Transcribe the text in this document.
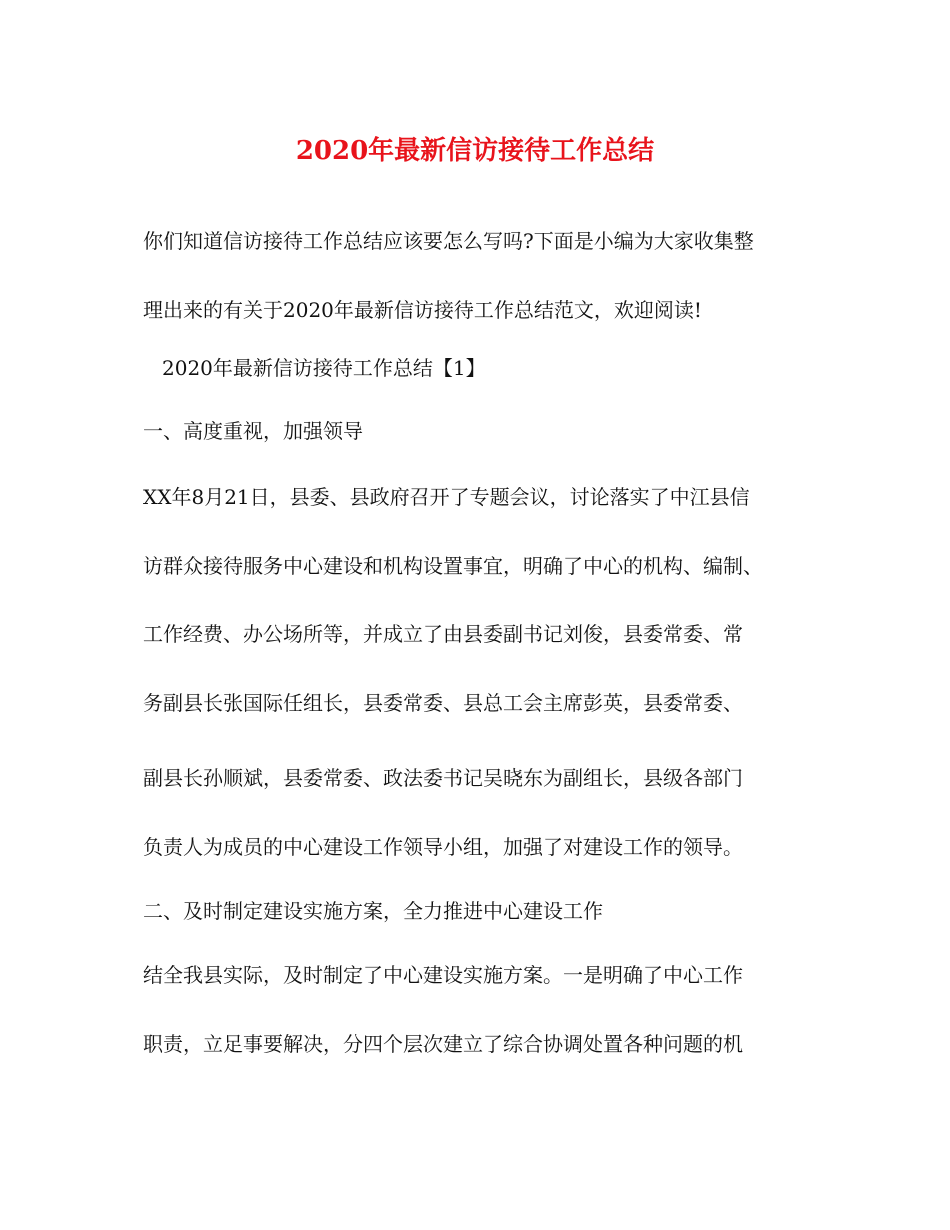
2020年最新信访接待工作总结
你们知道信访接待工作总结应该要怎么写吗?下面是小编为大家收集整
理出来的有关于2020年最新信访接待工作总结范文，欢迎阅读!
2020年最新信访接待工作总结【1】
一、高度重视，加强领导
XX年8月21日，县委、县政府召开了专题会议，讨论落实了中江县信
访群众接待服务中心建设和机构设置事宜，明确了中心的机构、编制、
工作经费、办公场所等，并成立了由县委副书记刘俊，县委常委、常
务副县长张国际任组长，县委常委、县总工会主席彭英，县委常委、
副县长孙顺斌，县委常委、政法委书记吴晓东为副组长，县级各部门
负责人为成员的中心建设工作领导小组，加强了对建设工作的领导。
二、及时制定建设实施方案，全力推进中心建设工作
结全我县实际，及时制定了中心建设实施方案。一是明确了中心工作
职责，立足事要解决，分四个层次建立了综合协调处置各种问题的机
